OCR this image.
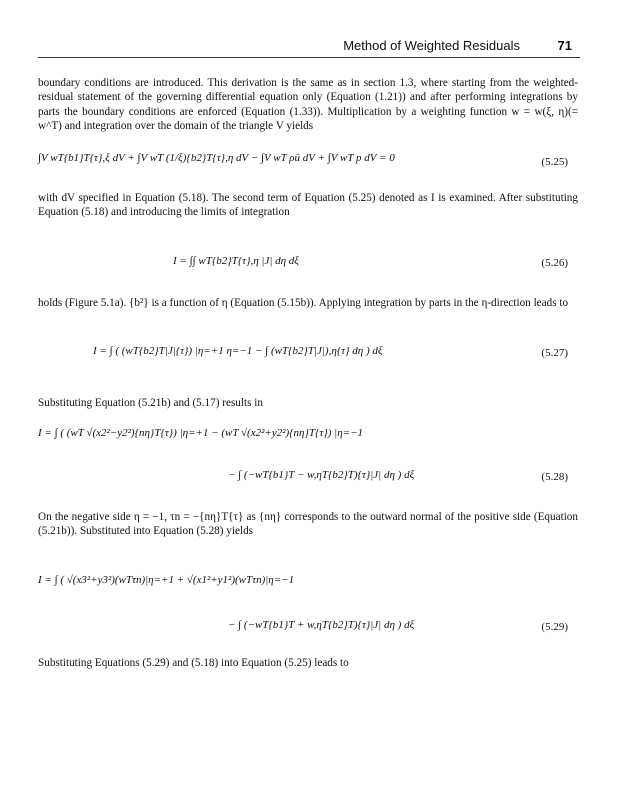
Method of Weighted Residuals	71
boundary conditions are introduced. This derivation is the same as in section 1.3, where starting from the weighted-residual statement of the governing differential equation only (Equation (1.21)) and after performing integrations by parts the boundary conditions are enforced (Equation (1.33)). Multiplication by a weighting function w = w(ξ, η)(= w^T) and integration over the domain of the triangle V yields
∫V wT{b1}T{τ},ξ dV + ∫V wT (1/ξ){b2}T{τ},η dV − ∫V wT ρü dV + ∫V wT p dV = 0	(5.25)
with dV specified in Equation (5.18). The second term of Equation (5.25) denoted as I is examined. After substituting Equation (5.18) and introducing the limits of integration
I = ∫∫ wT{b2}T{τ},η |J| dη dξ	(5.26)
holds (Figure 5.1a). {b²} is a function of η (Equation (5.15b)). Applying integration by parts in the η-direction leads to
I = ∫ ( (wT{b2}T|J|{τ}) |η=+1 η=−1 − ∫ (wT{b2}T|J|),η{τ} dη ) dξ	(5.27)
Substituting Equation (5.21b) and (5.17) results in
I = ∫ ( (wT √(x2²−y2²){nη}T{τ}) |η=+1 − (wT √(x2²+y2²){nη}T{τ}) |η=−1
− ∫ (−wT{b1}T − w,ηT{b2}T){τ}|J| dη ) dξ	(5.28)
On the negative side η = −1, τn = −{nη}T{τ} as {nη} corresponds to the outward normal of the positive side (Equation (5.21b)). Substituted into Equation (5.28) yields
I = ∫ ( √(x3²+y3²)(wTτn)|η=+1 + √(x1²+y1²)(wTτn)|η=−1
− ∫ (−wT{b1}T + w,ηT{b2}T){τ}|J| dη ) dξ	(5.29)
Substituting Equations (5.29) and (5.18) into Equation (5.25) leads to
